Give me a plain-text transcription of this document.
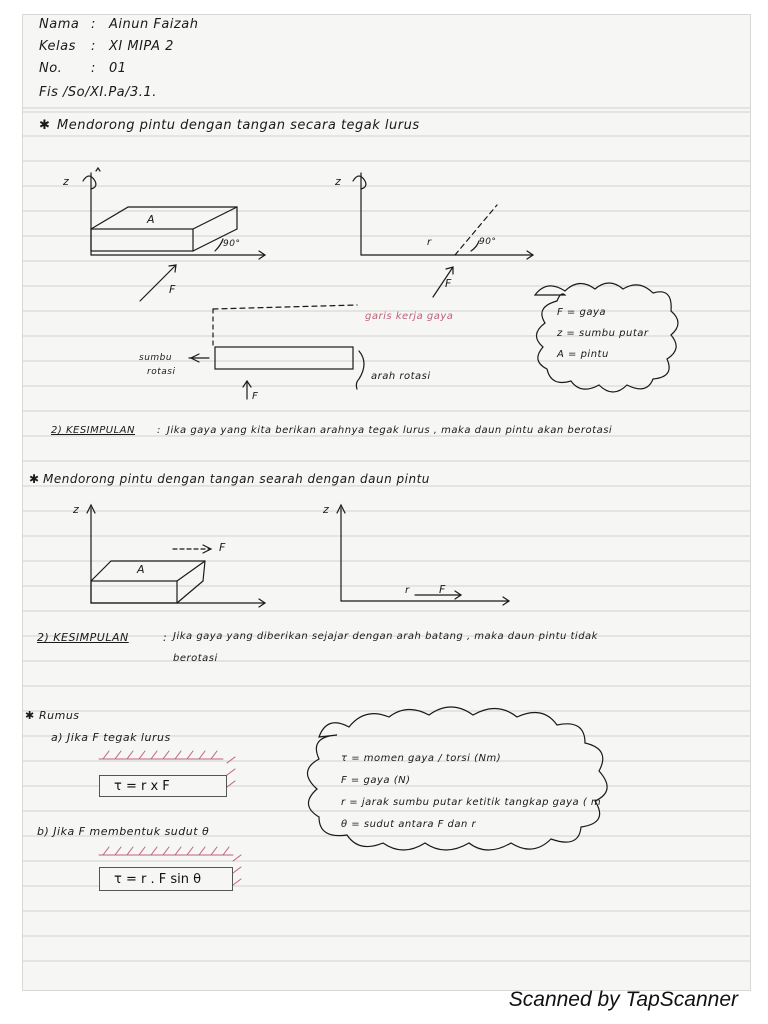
Nama : Ainun Faizah
Kelas : XI MIPA 2
No. : 01
Fis /So/XI.Pa/3.1.
✱ Mendorong pintu dengan tangan secara tegak lurus
z
A
90°
F
z
r	90°
F
garis kerja gaya
sumbu
rotasi
F
arah rotasi
F = gaya
z = sumbu putar
A = pintu
2) KESIMPULAN : Jika gaya yang kita berikan arahnya tegak lurus , maka daun pintu akan berotasi
✱ Mendorong pintu dengan tangan searah dengan daun pintu
z
A
F
z
r	F
2) KESIMPULAN	: Jika gaya yang diberikan sejajar dengan arah batang , maka daun pintu tidak
berotasi
✱ Rumus
a) Jika F tegak lurus
τ = r x F
b) Jika F membentuk sudut θ
τ = r . F sin θ
τ = momen gaya / torsi (Nm)
F = gaya (N)
r = jarak sumbu putar ketitik tangkap gaya ( m
θ = sudut antara F dan r
Scanned by TapScanner
